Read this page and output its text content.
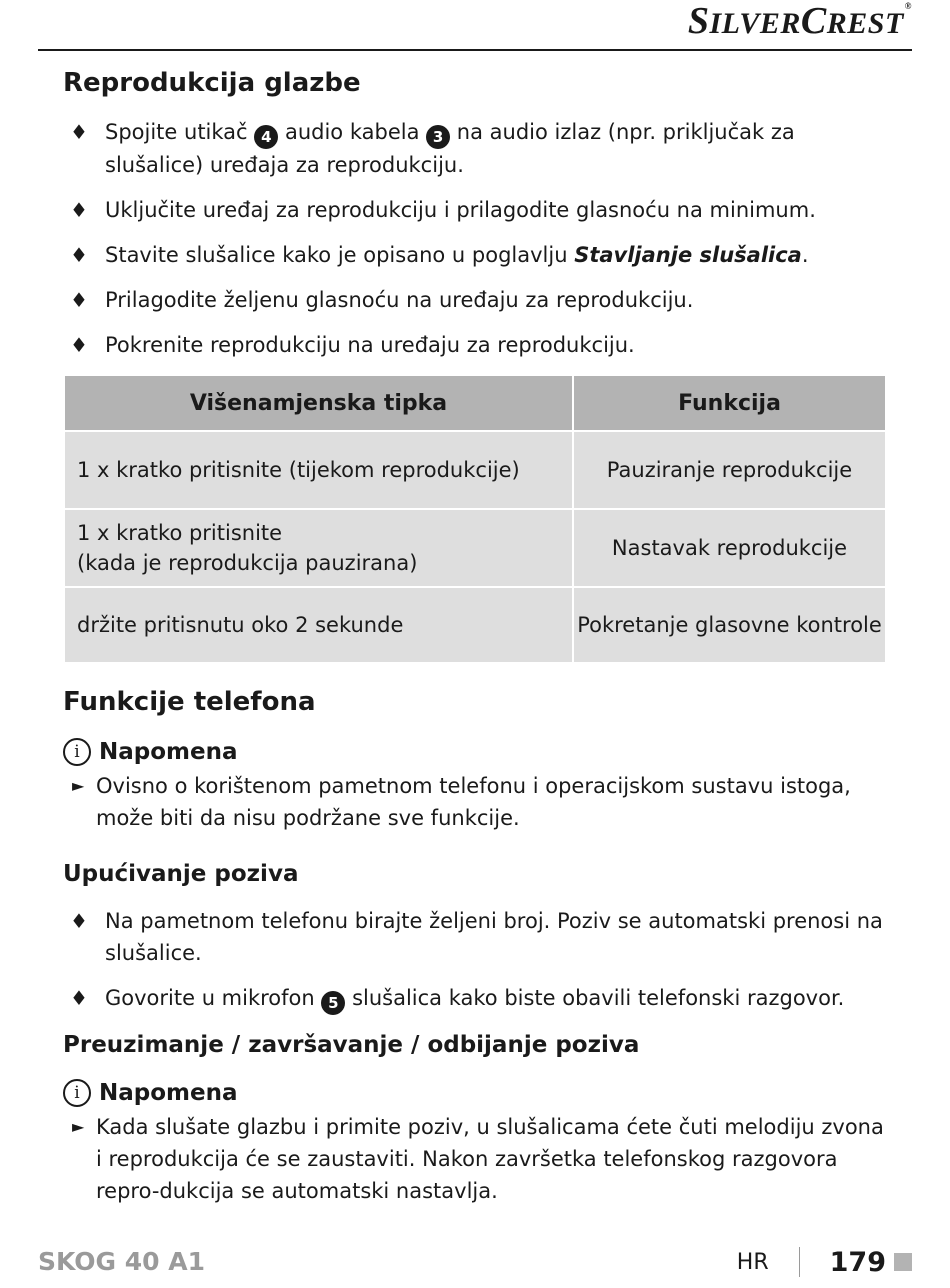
SILVERCREST®
Reprodukcija glazbe
♦ Spojite utikač 4 audio kabela 3 na audio izlaz (npr. priključak za slušalice) uređaja za reprodukciju.
♦ Uključite uređaj za reprodukciju i prilagodite glasnoću na minimum.
♦ Stavite slušalice kako je opisano u poglavlju Stavljanje slušalica.
♦ Prilagodite željenu glasnoću na uređaju za reprodukciju.
♦ Pokrenite reprodukciju na uređaju za reprodukciju.
Višenamjenska tipka	Funkcija
1 x kratko pritisnite (tijekom reprodukcije)	Pauziranje reprodukcije
1 x kratko pritisnite
(kada je reprodukcija pauzirana)	Nastavak reprodukcije
držite pritisnutu oko 2 sekunde	Pokretanje glasovne kontrole
Funkcije telefona
i Napomena
► Ovisno o korištenom pametnom telefonu i operacijskom sustavu istoga, može biti da nisu podržane sve funkcije.
Upućivanje poziva
♦ Na pametnom telefonu birajte željeni broj. Poziv se automatski prenosi na slušalice.
♦ Govorite u mikrofon 5 slušalica kako biste obavili telefonski razgovor.
Preuzimanje / završavanje / odbijanje poziva
i Napomena
► Kada slušate glazbu i primite poziv, u slušalicama ćete čuti melodiju zvona i reprodukcija će se zaustaviti. Nakon završetka telefonskog razgovora repro-dukcija se automatski nastavlja.
SKOG 40 A1	HR 179
